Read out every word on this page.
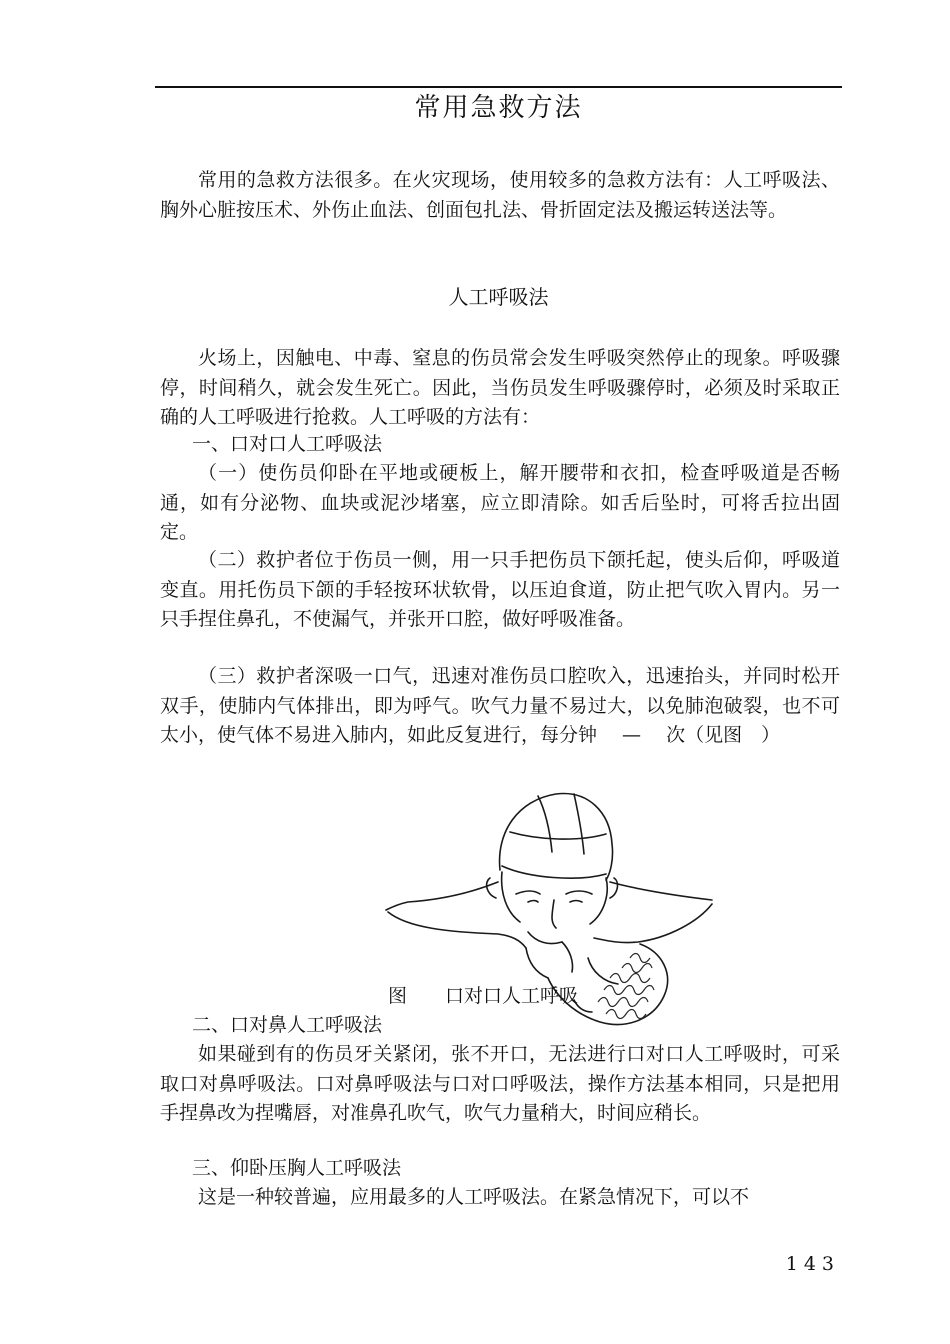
常用急救方法

常用的急救方法很多。在火灾现场，使用较多的急救方法有：人工呼吸法、胸外心脏按压术、外伤止血法、创面包扎法、骨折固定法及搬运转送法等。

人工呼吸法

火场上，因触电、中毒、窒息的伤员常会发生呼吸突然停止的现象。呼吸骤停，时间稍久，就会发生死亡。因此，当伤员发生呼吸骤停时，必须及时采取正确的人工呼吸进行抢救。人工呼吸的方法有：

一、口对口人工呼吸法

（一）使伤员仰卧在平地或硬板上，解开腰带和衣扣，检查呼吸道是否畅通，如有分泌物、血块或泥沙堵塞，应立即清除。如舌后坠时，可将舌拉出固定。

（二）救护者位于伤员一侧，用一只手把伤员下颌托起，使头后仰，呼吸道变直。用托伤员下颌的手轻按环状软骨，以压迫食道，防止把气吹入胃内。另一只手捏住鼻孔，不使漏气，并张开口腔，做好呼吸准备。

（三）救护者深吸一口气，迅速对准伤员口腔吹入，迅速抬头，并同时松开双手，使肺内气体排出，即为呼气。吹气力量不易过大，以免肺泡破裂，也不可太小，使气体不易进入肺内，如此反复进行，每分钟　 —　 次（见图　）

图　　口对口人工呼吸

二、口对鼻人工呼吸法

如果碰到有的伤员牙关紧闭，张不开口，无法进行口对口人工呼吸时，可采取口对鼻呼吸法。口对鼻呼吸法与口对口呼吸法，操作方法基本相同，只是把用手捏鼻改为捏嘴唇，对准鼻孔吹气，吹气力量稍大，时间应稍长。

三、仰卧压胸人工呼吸法

这是一种较普遍，应用最多的人工呼吸法。在紧急情况下，可以不

143
